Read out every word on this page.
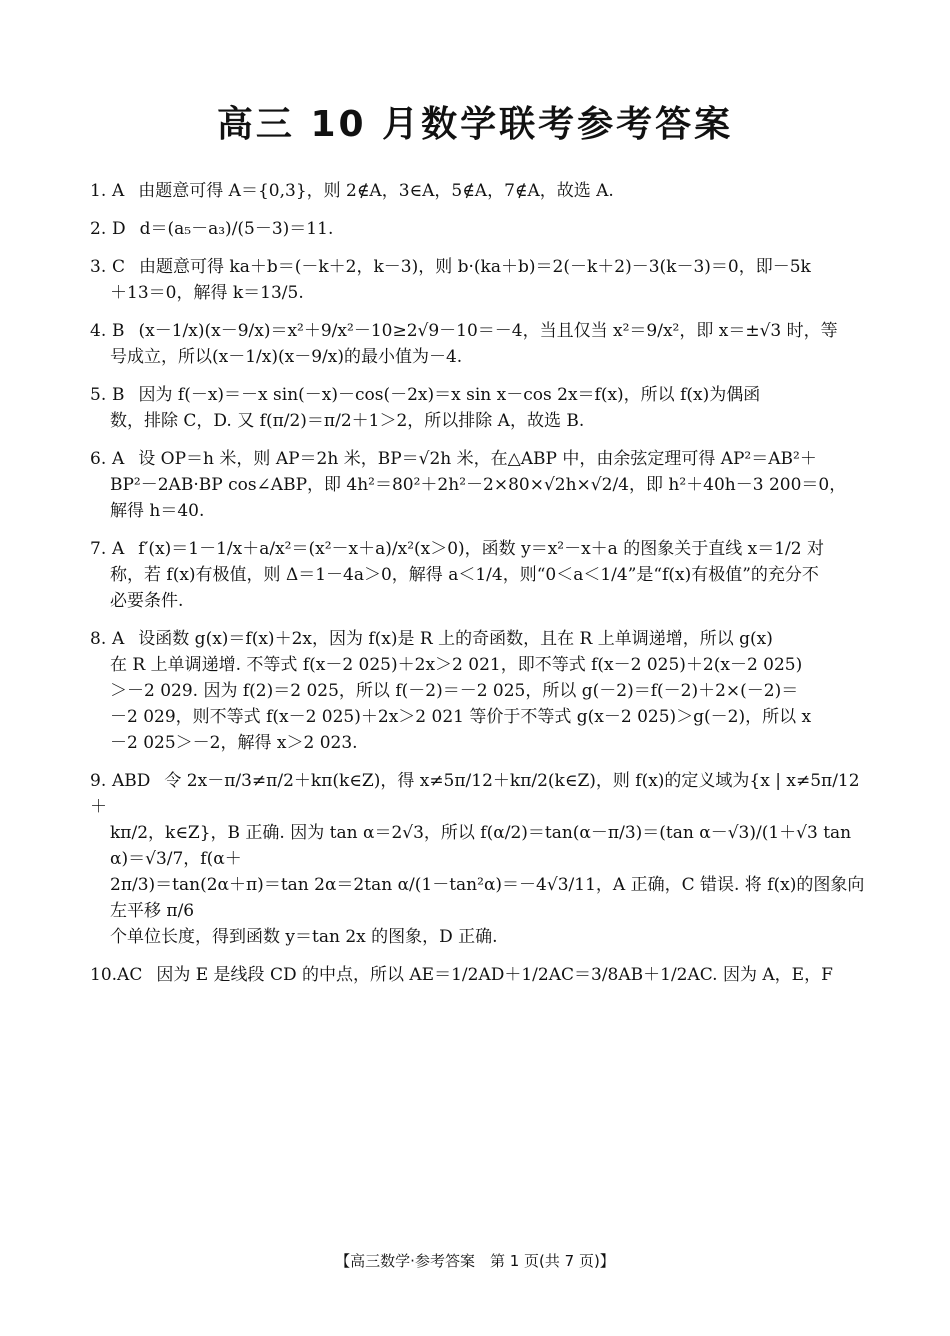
高三 10 月数学联考参考答案
1. A 由题意可得 A＝{0,3}，则 2∉A，3∈A，5∉A，7∉A，故选 A.
2. D d＝(a₅－a₃)/(5－3)＝11.
3. C 由题意可得 ka＋b＝(－k＋2，k－3)，则 b·(ka＋b)＝2(－k＋2)－3(k－3)＝0，即－5k
＋13＝0，解得 k＝13/5.
4. B (x－1/x)(x－9/x)＝x²＋9/x²－10≥2√9－10＝－4，当且仅当 x²＝9/x²，即 x＝±√3 时，等
号成立，所以(x－1/x)(x－9/x)的最小值为－4.
5. B 因为 f(－x)＝－x sin(－x)－cos(－2x)＝x sin x－cos 2x＝f(x)，所以 f(x)为偶函
数，排除 C，D. 又 f(π/2)＝π/2＋1＞2，所以排除 A，故选 B.
6. A 设 OP＝h 米，则 AP＝2h 米，BP＝√2h 米，在△ABP 中，由余弦定理可得 AP²＝AB²＋
BP²－2AB·BP cos∠ABP，即 4h²＝80²＋2h²－2×80×√2h×√2/4，即 h²＋40h－3 200＝0，
解得 h＝40.
7. A f′(x)＝1－1/x＋a/x²＝(x²－x＋a)/x²(x＞0)，函数 y＝x²－x＋a 的图象关于直线 x＝1/2 对
称，若 f(x)有极值，则 Δ＝1－4a＞0，解得 a＜1/4，则“0＜a＜1/4”是“f(x)有极值”的充分不
必要条件.
8. A 设函数 g(x)＝f(x)＋2x，因为 f(x)是 R 上的奇函数，且在 R 上单调递增，所以 g(x)
在 R 上单调递增. 不等式 f(x－2 025)＋2x＞2 021，即不等式 f(x－2 025)＋2(x－2 025)
＞－2 029. 因为 f(2)＝2 025，所以 f(－2)＝－2 025，所以 g(－2)＝f(－2)＋2×(－2)＝
－2 029，则不等式 f(x－2 025)＋2x＞2 021 等价于不等式 g(x－2 025)＞g(－2)，所以 x
－2 025＞－2，解得 x＞2 023.
9. ABD 令 2x－π/3≠π/2＋kπ(k∈Z)，得 x≠5π/12＋kπ/2(k∈Z)，则 f(x)的定义域为{x | x≠5π/12＋
kπ/2，k∈Z}，B 正确. 因为 tan α＝2√3，所以 f(α/2)＝tan(α－π/3)＝(tan α－√3)/(1＋√3 tan α)＝√3/7，f(α＋
2π/3)＝tan(2α＋π)＝tan 2α＝2tan α/(1－tan²α)＝－4√3/11，A 正确，C 错误. 将 f(x)的图象向左平移 π/6
个单位长度，得到函数 y＝tan 2x 的图象，D 正确.
10.AC 因为 E 是线段 CD 的中点，所以 AE＝1/2AD＋1/2AC＝3/8AB＋1/2AC. 因为 A，E，F
【高三数学·参考答案　第 1 页(共 7 页)】
